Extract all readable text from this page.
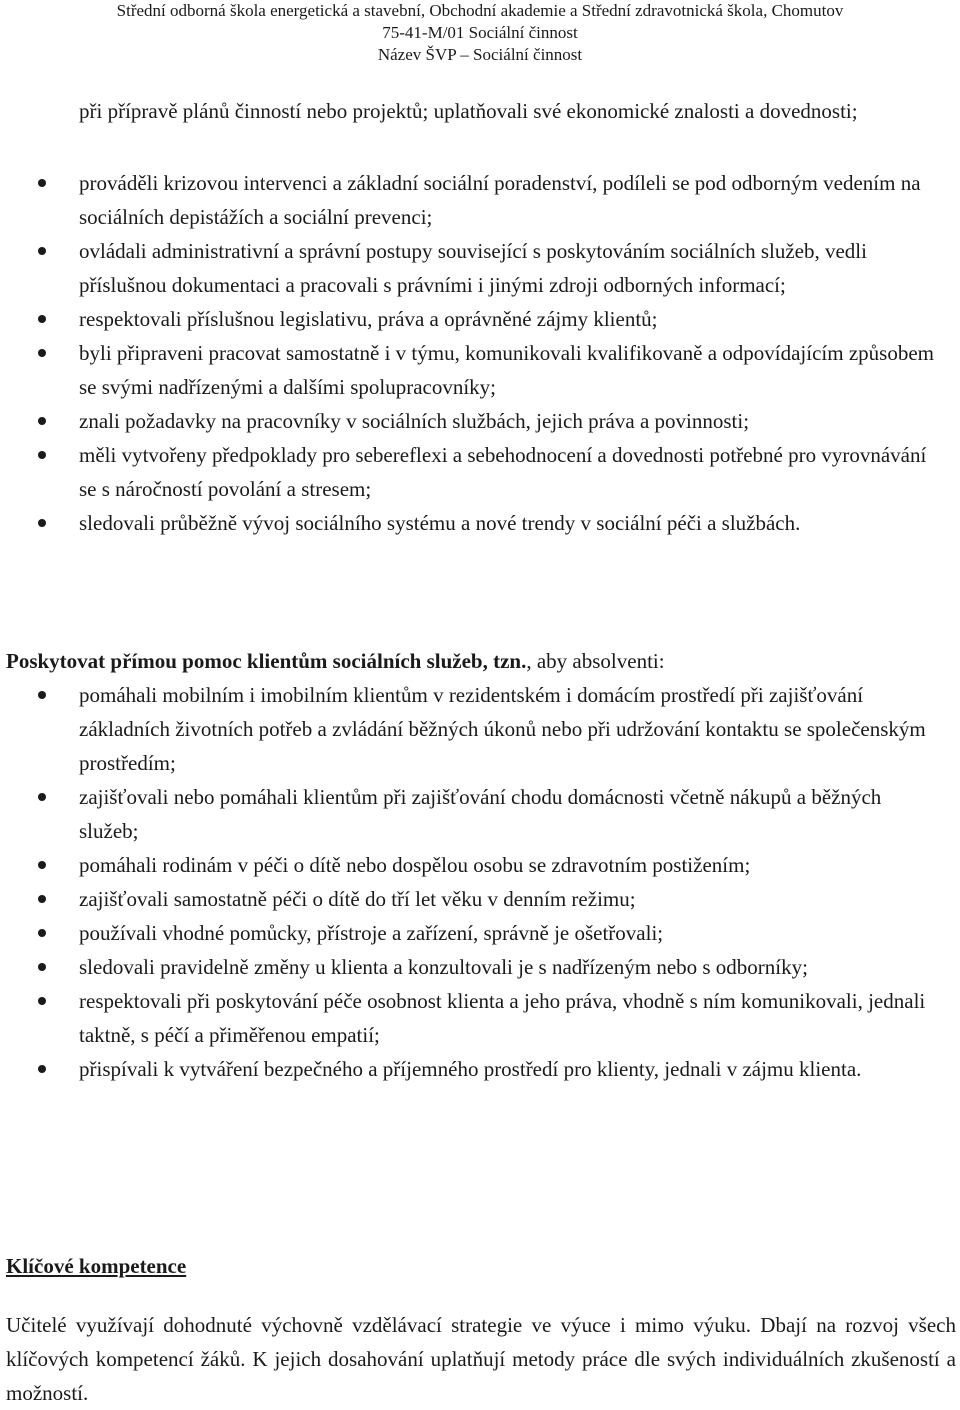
Střední odborná škola energetická a stavební, Obchodní akademie a Střední zdravotnická škola, Chomutov
75-41-M/01 Sociální činnost
Název ŠVP – Sociální činnost
při přípravě plánů činností nebo projektů; uplatňovali své ekonomické znalosti a dovednosti;
prováděli krizovou intervenci a základní sociální poradenství, podíleli se pod odborným vedením na sociálních depistážích a sociální prevenci;
ovládali administrativní a správní postupy související s poskytováním sociálních služeb, vedli příslušnou dokumentaci a pracovali s právními i jinými zdroji odborných informací;
respektovali příslušnou legislativu, práva a oprávněné zájmy klientů;
byli připraveni pracovat samostatně i v týmu, komunikovali kvalifikovaně a odpovídajícím způsobem se svými nadřízenými a dalšími spolupracovníky;
znali požadavky na pracovníky v sociálních službách, jejich práva a povinnosti;
měli vytvořeny předpoklady pro sebereflexi a sebehodnocení a dovednosti potřebné pro vyrovnávání se s náročností povolání a stresem;
sledovali průběžně vývoj sociálního systému a nové trendy v sociální péči a službách.
Poskytovat přímou pomoc klientům sociálních služeb, tzn., aby absolventi:
pomáhali mobilním i imobilním klientům v rezidentském i domácím prostředí při zajišťování základních životních potřeb a zvládání běžných úkonů nebo při udržování kontaktu se společenským prostředím;
zajišťovali nebo pomáhali klientům při zajišťování chodu domácnosti včetně nákupů a běžných služeb;
pomáhali rodinám v péči o dítě nebo dospělou osobu se zdravotním postižením;
zajišťovali samostatně péči o dítě do tří let věku v denním režimu;
používali vhodné pomůcky, přístroje a zařízení, správně je ošetřovali;
sledovali pravidelně změny u klienta a konzultovali je s nadřízeným nebo s odborníky;
respektovali při poskytování péče osobnost klienta a jeho práva, vhodně s ním komunikovali, jednali taktně, s péčí a přiměřenou empatií;
přispívali k vytváření bezpečného a příjemného prostředí pro klienty, jednali v zájmu klienta.
Klíčové kompetence
Učitelé využívají dohodnuté výchovně vzdělávací strategie ve výuce i mimo výuku. Dbají na rozvoj všech klíčových kompetencí žáků. K jejich dosahování uplatňují metody práce dle svých individuálních zkušeností a možností.
